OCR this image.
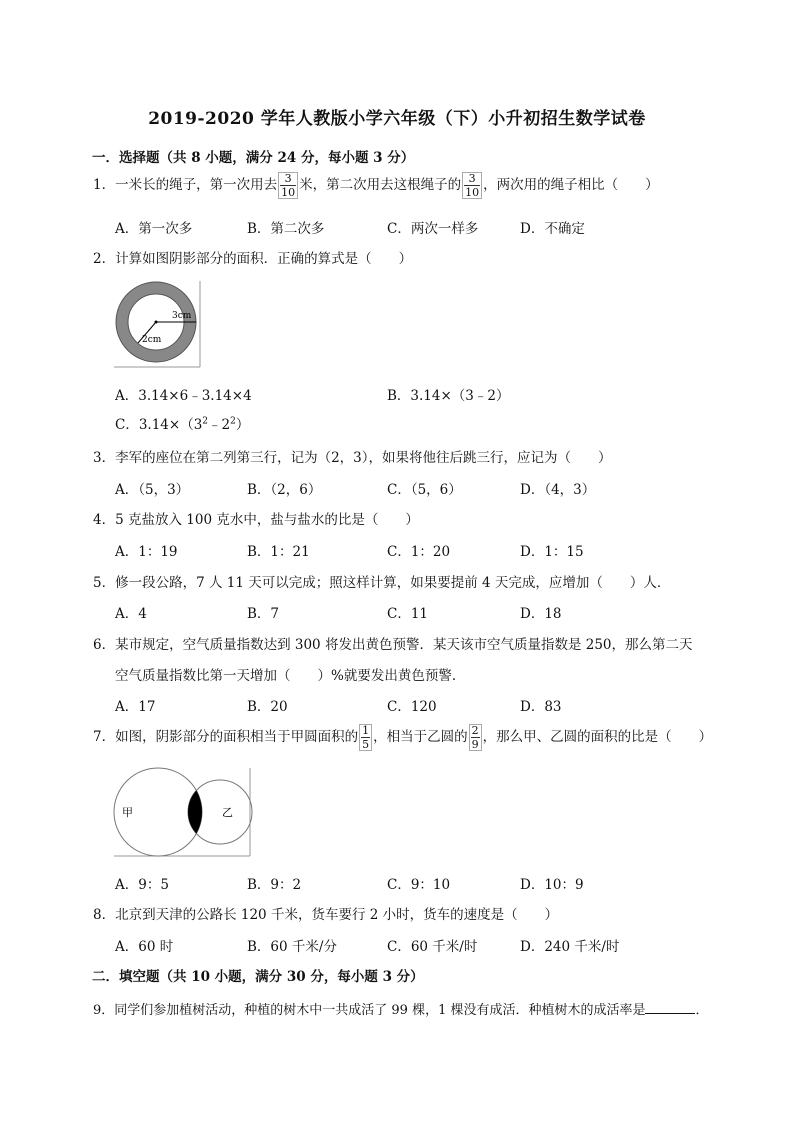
2019-2020 学年人教版小学六年级（下）小升初招生数学试卷
一．选择题（共 8 小题，满分 24 分，每小题 3 分）
1．一米长的绳子，第一次用去 $\frac{3}{10}$ 米，第二次用去这根绳子的 $\frac{3}{10}$ ，两次用的绳子相比（　　）
A．第一次多	B．第二次多	C．两次一样多	D．不确定
2．计算如图阴影部分的面积．正确的算式是（　　）
3cm
2cm
A．3.14×6﹣3.14×4	B．3.14×（3﹣2）
C．$3.14\times(3^2﹣2^2)$
3．李军的座位在第二列第三行，记为（2，3），如果将他往后跳三行，应记为（　　）
A．（5，3）	B．（2，6）	C．（5，6）	D．（4，3）
4．5 克盐放入 100 克水中，盐与盐水的比是（　　）
A．1：19	B．1：21	C．1：20	D．1：15
5．修一段公路，7 人 11 天可以完成；照这样计算，如果要提前 4 天完成，应增加（　　）人．
A．4	B．7	C．11	D．18
6．某市规定，空气质量指数达到 300 将发出黄色预警．某天该市空气质量指数是 250，那么第二天
空气质量指数比第一天增加（　　）%就要发出黄色预警．
A．17	B．20	C．120	D．83
7．如图，阴影部分的面积相当于甲圆面积的 $\frac{1}{5}$ ，相当于乙圆的 $\frac{2}{9}$ ，那么甲、乙圆的面积的比是（　　）
甲	乙
A．9：5	B．9：2	C．9：10	D．10：9
8．北京到天津的公路长 120 千米，货车要行 2 小时，货车的速度是（　　）
A．60 时	B．60 千米/分	C．60 千米/时	D．240 千米/时
二．填空题（共 10 小题，满分 30 分，每小题 3 分）
9．同学们参加植树活动，种植的树木中一共成活了 99 棵，1 棵没有成活．种植树木的成活率是	．
